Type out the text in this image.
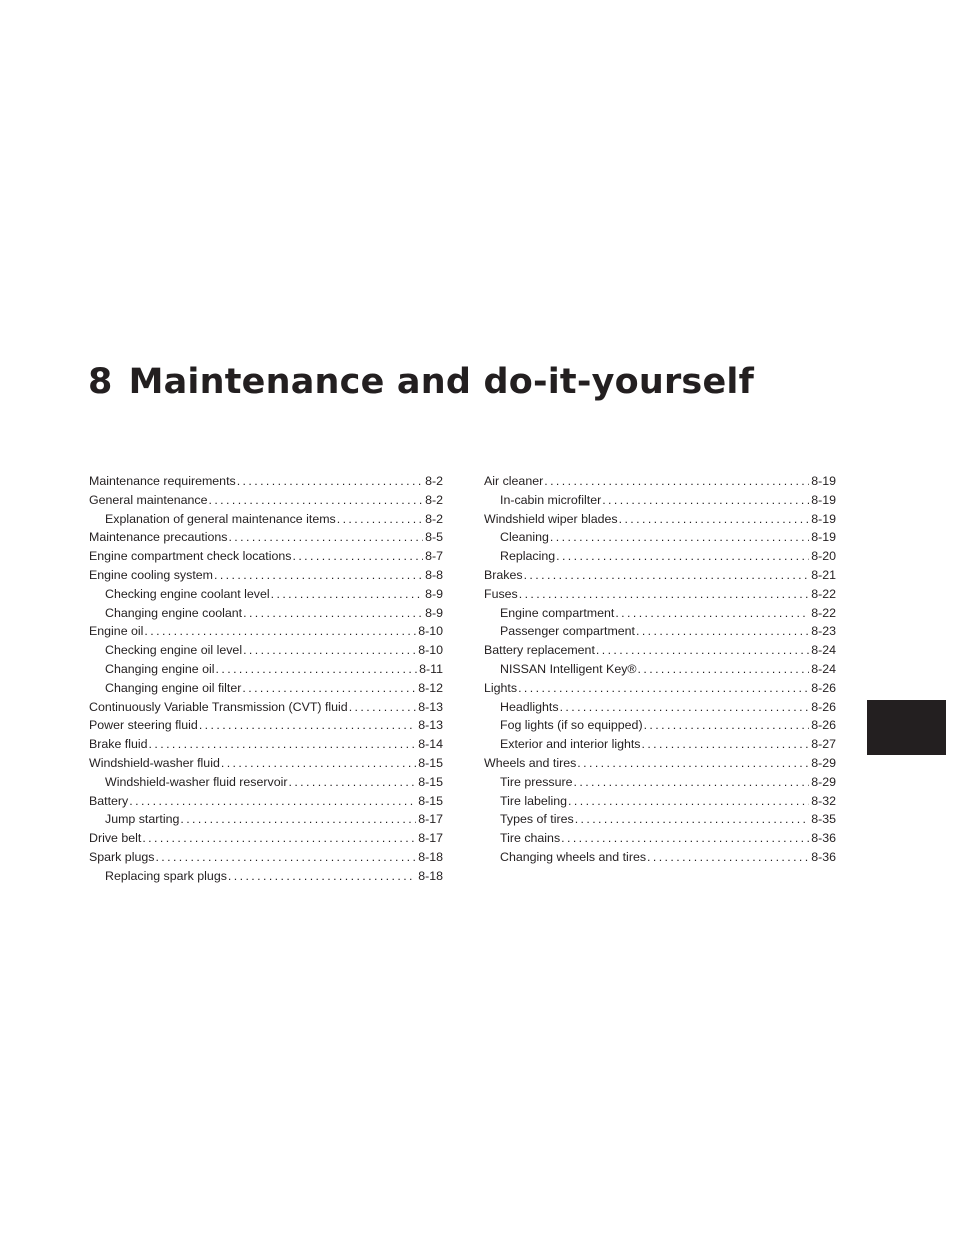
8 Maintenance and do-it-yourself
Maintenance requirements .....	8-2
General maintenance .....	8-2
Explanation of general maintenance items .....	8-2
Maintenance precautions .....	8-5
Engine compartment check locations .....	8-7
Engine cooling system .....	8-8
Checking engine coolant level .....	8-9
Changing engine coolant .....	8-9
Engine oil .....	8-10
Checking engine oil level .....	8-10
Changing engine oil .....	8-11
Changing engine oil filter .....	8-12
Continuously Variable Transmission (CVT) fluid .....	8-13
Power steering fluid .....	8-13
Brake fluid .....	8-14
Windshield-washer fluid .....	8-15
Windshield-washer fluid reservoir .....	8-15
Battery .....	8-15
Jump starting .....	8-17
Drive belt .....	8-17
Spark plugs .....	8-18
Replacing spark plugs .....	8-18
Air cleaner .....	8-19
In-cabin microfilter .....	8-19
Windshield wiper blades .....	8-19
Cleaning .....	8-19
Replacing .....	8-20
Brakes .....	8-21
Fuses .....	8-22
Engine compartment .....	8-22
Passenger compartment .....	8-23
Battery replacement .....	8-24
NISSAN Intelligent Key® .....	8-24
Lights .....	8-26
Headlights .....	8-26
Fog lights (if so equipped) .....	8-26
Exterior and interior lights .....	8-27
Wheels and tires .....	8-29
Tire pressure .....	8-29
Tire labeling .....	8-32
Types of tires .....	8-35
Tire chains .....	8-36
Changing wheels and tires .....	8-36
